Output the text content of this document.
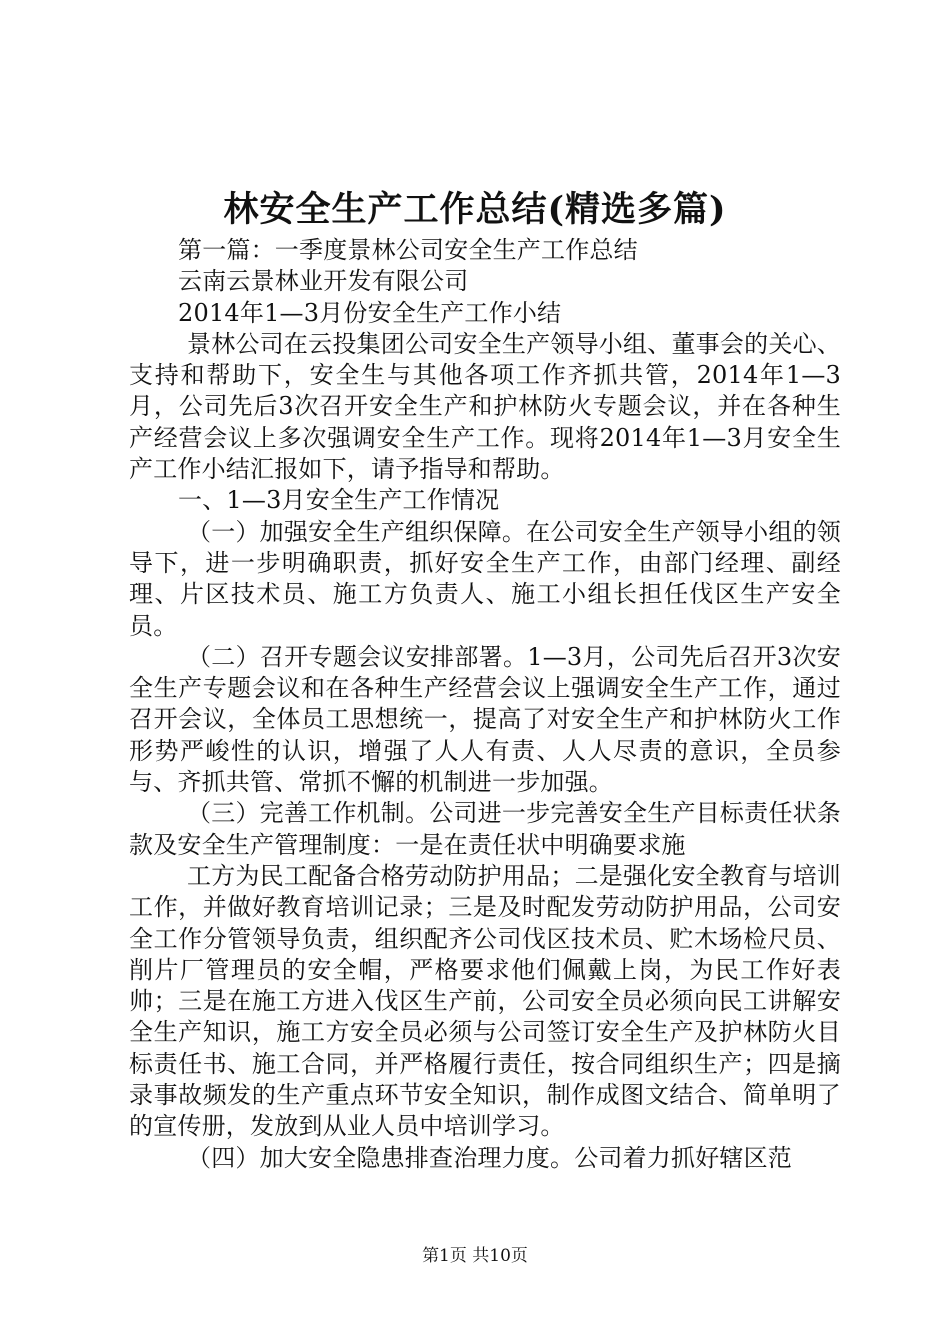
林安全生产工作总结(精选多篇)

第一篇：一季度景林公司安全生产工作总结

云南云景林业开发有限公司

2014年1—3月份安全生产工作小结

景林公司在云投集团公司安全生产领导小组、董事会的关心、支持和帮助下，安全生与其他各项工作齐抓共管，2014年1—3月，公司先后3次召开安全生产和护林防火专题会议，并在各种生产经营会议上多次强调安全生产工作。现将2014年1—3月安全生产工作小结汇报如下，请予指导和帮助。

一、1—3月安全生产工作情况

（一）加强安全生产组织保障。在公司安全生产领导小组的领导下，进一步明确职责，抓好安全生产工作，由部门经理、副经理、片区技术员、施工方负责人、施工小组长担任伐区生产安全员。

（二）召开专题会议安排部署。1—3月，公司先后召开3次安全生产专题会议和在各种生产经营会议上强调安全生产工作，通过召开会议，全体员工思想统一，提高了对安全生产和护林防火工作形势严峻性的认识，增强了人人有责、人人尽责的意识，全员参与、齐抓共管、常抓不懈的机制进一步加强。

（三）完善工作机制。公司进一步完善安全生产目标责任状条款及安全生产管理制度：一是在责任状中明确要求施

工方为民工配备合格劳动防护用品；二是强化安全教育与培训工作，并做好教育培训记录；三是及时配发劳动防护用品，公司安全工作分管领导负责，组织配齐公司伐区技术员、贮木场检尺员、削片厂管理员的安全帽，严格要求他们佩戴上岗，为民工作好表帅；三是在施工方进入伐区生产前，公司安全员必须向民工讲解安全生产知识，施工方安全员必须与公司签订安全生产及护林防火目标责任书、施工合同，并严格履行责任，按合同组织生产；四是摘录事故频发的生产重点环节安全知识，制作成图文结合、简单明了的宣传册，发放到从业人员中培训学习。

（四）加大安全隐患排查治理力度。公司着力抓好辖区范

第1页 共10页
